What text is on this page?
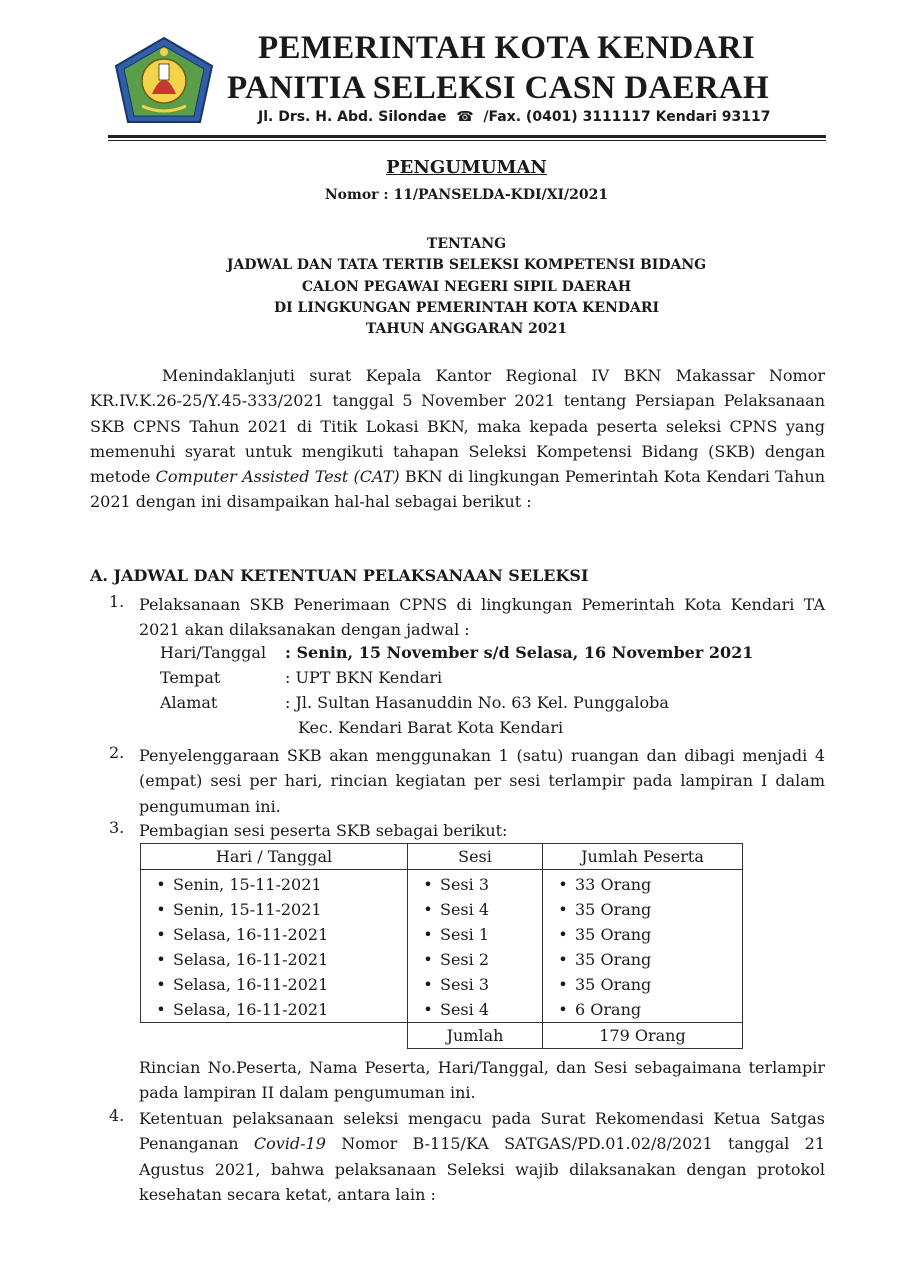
PEMERINTAH KOTA KENDARI
PANITIA SELEKSI CASN DAERAH
Jl. Drs. H. Abd. Silondae  ☎  /Fax. (0401) 3111117 Kendari 93117
PENGUMUMAN
Nomor : 11/PANSELDA-KDI/XI/2021
TENTANG
JADWAL DAN TATA TERTIB SELEKSI KOMPETENSI BIDANG
CALON PEGAWAI NEGERI SIPIL DAERAH
DI LINGKUNGAN PEMERINTAH KOTA KENDARI
TAHUN ANGGARAN 2021
Menindaklanjuti surat Kepala Kantor Regional IV BKN Makassar Nomor KR.IV.K.26-25/Y.45-333/2021 tanggal 5 November 2021 tentang Persiapan Pelaksanaan SKB CPNS Tahun 2021 di Titik Lokasi BKN, maka kepada peserta seleksi CPNS yang memenuhi syarat untuk mengikuti tahapan Seleksi Kompetensi Bidang (SKB) dengan metode Computer Assisted Test (CAT) BKN di lingkungan Pemerintah Kota Kendari Tahun 2021 dengan ini disampaikan hal-hal sebagai berikut :
A. JADWAL DAN KETENTUAN PELAKSANAAN SELEKSI
1. Pelaksanaan SKB Penerimaan CPNS di lingkungan Pemerintah Kota Kendari TA 2021 akan dilaksanakan dengan jadwal :
Hari/Tanggal : Senin, 15 November s/d Selasa, 16 November 2021
Tempat	: UPT BKN Kendari
Alamat	: Jl. Sultan Hasanuddin No. 63 Kel. Punggaloba
Kec. Kendari Barat Kota Kendari
2. Penyelenggaraan SKB akan menggunakan 1 (satu) ruangan dan dibagi menjadi 4 (empat) sesi per hari, rincian kegiatan per sesi terlampir pada lampiran I dalam pengumuman ini.
3. Pembagian sesi peserta SKB sebagai berikut:
Hari / Tanggal	Sesi	Jumlah Peserta
• Senin, 15-11-2021	• Sesi 3	• 33 Orang
• Senin, 15-11-2021	• Sesi 4	• 35 Orang
• Selasa, 16-11-2021	• Sesi 1	• 35 Orang
• Selasa, 16-11-2021	• Sesi 2	• 35 Orang
• Selasa, 16-11-2021	• Sesi 3	• 35 Orang
• Selasa, 16-11-2021	• Sesi 4	• 6 Orang
	Jumlah	179 Orang
Rincian No.Peserta, Nama Peserta, Hari/Tanggal, dan Sesi sebagaimana terlampir pada lampiran II dalam pengumuman ini.
4. Ketentuan pelaksanaan seleksi mengacu pada Surat Rekomendasi Ketua Satgas Penanganan Covid-19 Nomor B-115/KA SATGAS/PD.01.02/8/2021 tanggal 21 Agustus 2021, bahwa pelaksanaan Seleksi wajib dilaksanakan dengan protokol kesehatan secara ketat, antara lain :
